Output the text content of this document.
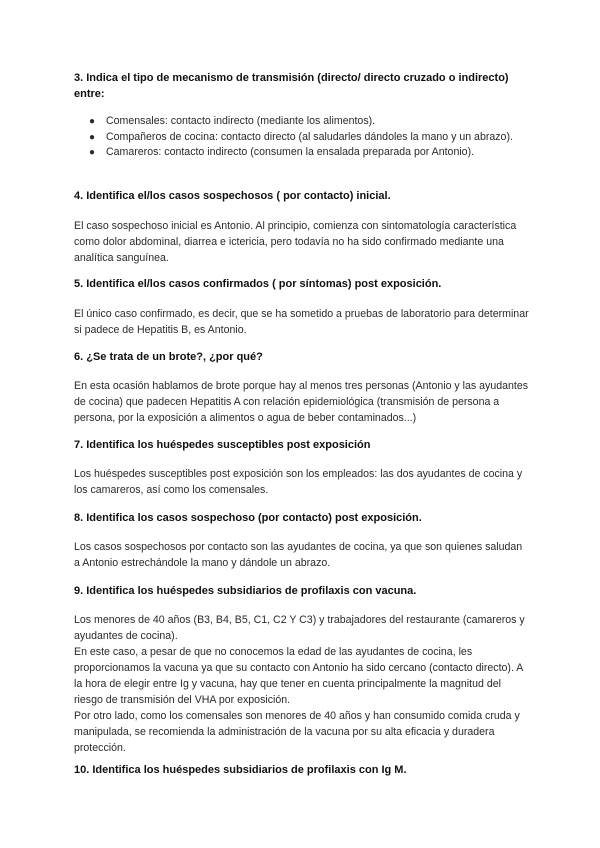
3. Indica el tipo de mecanismo de transmisión (directo/ directo cruzado o indirecto) entre:

● Comensales: contacto indirecto (mediante los alimentos).
● Compañeros de cocina: contacto directo (al saludarles dándoles la mano y un abrazo).
● Camareros: contacto indirecto (consumen la ensalada preparada por Antonio).

4. Identifica el/los casos sospechosos ( por contacto) inicial.

El caso sospechoso inicial es Antonio. Al principio, comienza con sintomatología característica como dolor abdominal, diarrea e ictericia, pero todavía no ha sido confirmado mediante una analítica sanguínea.

5. Identifica el/los casos confirmados ( por síntomas) post exposición.

El único caso confirmado, es decir, que se ha sometido a pruebas de laboratorio para determinar si padece de Hepatitis B, es Antonio.

6. ¿Se trata de un brote?, ¿por qué?

En esta ocasión hablamos de brote porque hay al menos tres personas (Antonio y las ayudantes de cocina) que padecen Hepatitis A con relación epidemiológica (transmisión de persona a persona, por la exposición a alimentos o agua de beber contaminados...)

7. Identifica los huéspedes susceptibles post exposición

Los huéspedes susceptibles post exposición son los empleados: las dos ayudantes de cocina y los camareros, así como los comensales.

8. Identifica los casos sospechoso (por contacto) post exposición.

Los casos sospechosos por contacto son las ayudantes de cocina, ya que son quienes saludan a Antonio estrechándole la mano y dándole un abrazo.

9. Identifica los huéspedes subsidiarios de profilaxis con vacuna.

Los menores de 40 años (B3, B4, B5, C1, C2 Y C3) y trabajadores del restaurante (camareros y ayudantes de cocina).

En este caso, a pesar de que no conocemos la edad de las ayudantes de cocina, les proporcionamos la vacuna ya que su contacto con Antonio ha sido cercano (contacto directo). A la hora de elegir entre Ig y vacuna, hay que tener en cuenta principalmente la magnitud del riesgo de transmisión del VHA por exposición.

Por otro lado, como los comensales son menores de 40 años y han consumido comida cruda y manipulada, se recomienda la administración de la vacuna por su alta eficacia y duradera protección.

10. Identifica los huéspedes subsidiarios de profilaxis con Ig M.
